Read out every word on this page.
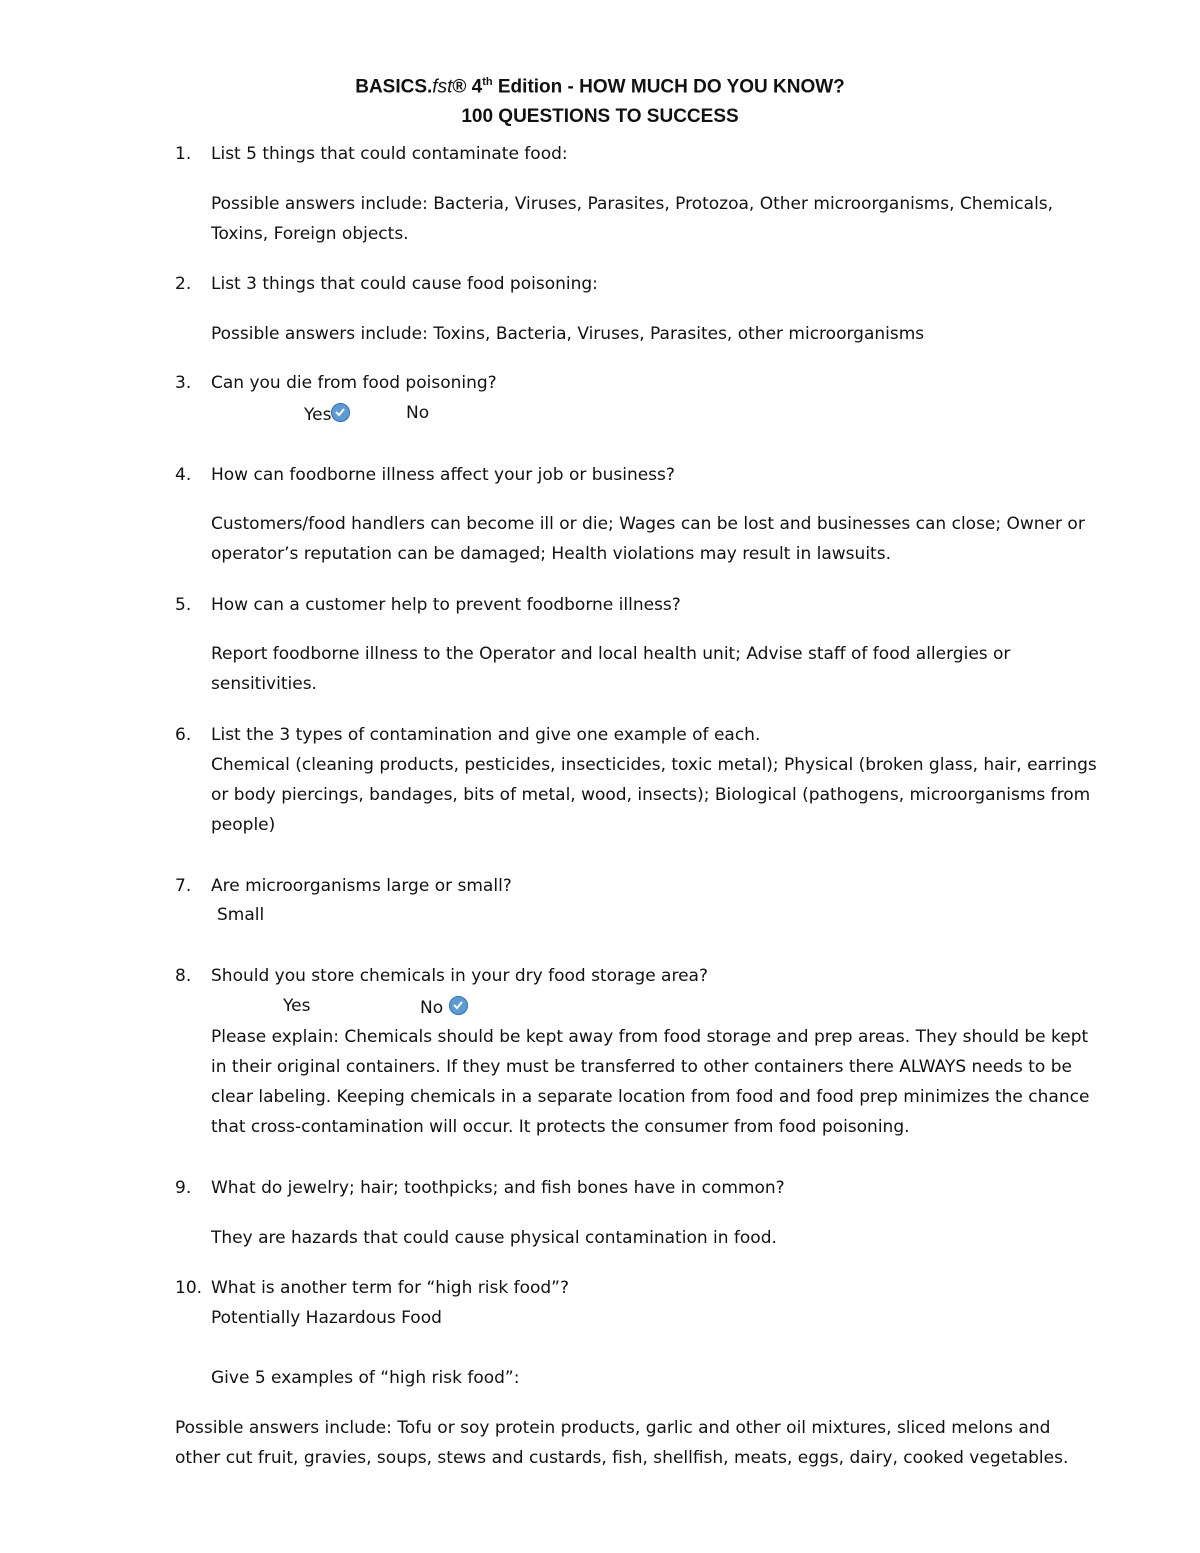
BASICS.fst® 4th Edition - HOW MUCH DO YOU KNOW?
100 QUESTIONS TO SUCCESS
1. List 5 things that could contaminate food:
Possible answers include: Bacteria, Viruses, Parasites, Protozoa, Other microorganisms, Chemicals,
Toxins, Foreign objects.
2. List 3 things that could cause food poisoning:
Possible answers include: Toxins, Bacteria, Viruses, Parasites, other microorganisms
3. Can you die from food poisoning?
Yes	No
4. How can foodborne illness affect your job or business?
Customers/food handlers can become ill or die; Wages can be lost and businesses can close; Owner or
operator’s reputation can be damaged; Health violations may result in lawsuits.
5. How can a customer help to prevent foodborne illness?
Report foodborne illness to the Operator and local health unit; Advise staff of food allergies or
sensitivities.
6. List the 3 types of contamination and give one example of each.
Chemical (cleaning products, pesticides, insecticides, toxic metal); Physical (broken glass, hair, earrings
or body piercings, bandages, bits of metal, wood, insects); Biological (pathogens, microorganisms from
people)
7. Are microorganisms large or small?
Small
8. Should you store chemicals in your dry food storage area?
Yes	No
Please explain: Chemicals should be kept away from food storage and prep areas. They should be kept
in their original containers. If they must be transferred to other containers there ALWAYS needs to be
clear labeling. Keeping chemicals in a separate location from food and food prep minimizes the chance
that cross-contamination will occur. It protects the consumer from food poisoning.
9. What do jewelry; hair; toothpicks; and fish bones have in common?
They are hazards that could cause physical contamination in food.
10. What is another term for “high risk food”?
Potentially Hazardous Food
Give 5 examples of “high risk food”:
Possible answers include: Tofu or soy protein products, garlic and other oil mixtures, sliced melons and
other cut fruit, gravies, soups, stews and custards, fish, shellfish, meats, eggs, dairy, cooked vegetables.
